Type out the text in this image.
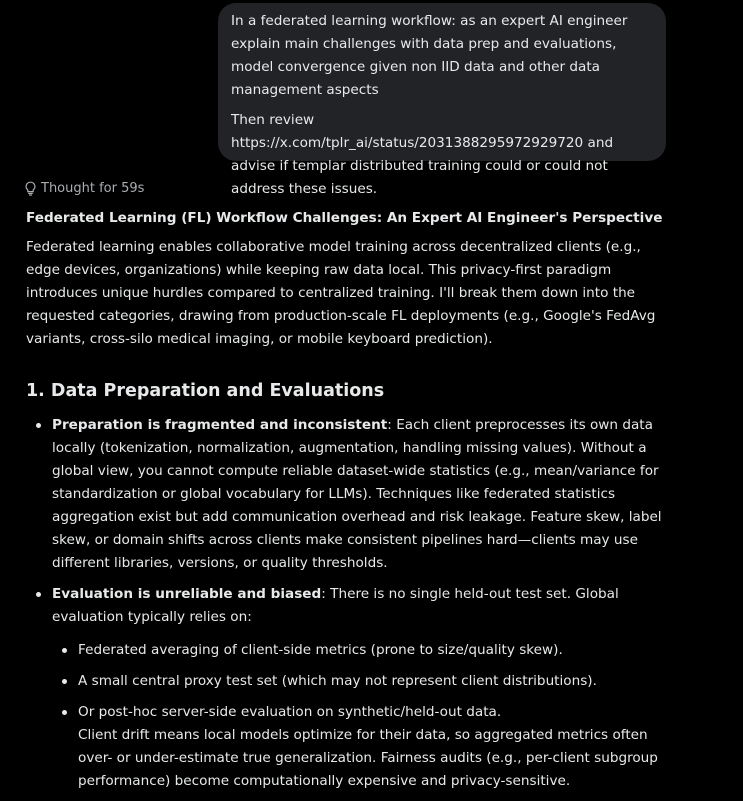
In a federated learning workflow: as an expert AI engineer explain main challenges with data prep and evaluations, model convergence given non IID data and other data management aspects

Then review https://x.com/tplr_ai/status/2031388295972929720 and advise if templar distributed training could or could not address these issues.

Thought for 59s

Federated Learning (FL) Workflow Challenges: An Expert AI Engineer's Perspective

Federated learning enables collaborative model training across decentralized clients (e.g., edge devices, organizations) while keeping raw data local. This privacy-first paradigm introduces unique hurdles compared to centralized training. I'll break them down into the requested categories, drawing from production-scale FL deployments (e.g., Google's FedAvg variants, cross-silo medical imaging, or mobile keyboard prediction).

1. Data Preparation and Evaluations
Preparation is fragmented and inconsistent: Each client preprocesses its own data locally (tokenization, normalization, augmentation, handling missing values). Without a global view, you cannot compute reliable dataset-wide statistics (e.g., mean/variance for standardization or global vocabulary for LLMs). Techniques like federated statistics aggregation exist but add communication overhead and risk leakage. Feature skew, label skew, or domain shifts across clients make consistent pipelines hard—clients may use different libraries, versions, or quality thresholds.
Evaluation is unreliable and biased: There is no single held-out test set. Global evaluation typically relies on:
Federated averaging of client-side metrics (prone to size/quality skew).
A small central proxy test set (which may not represent client distributions).
Or post-hoc server-side evaluation on synthetic/held-out data.
Client drift means local models optimize for their data, so aggregated metrics often over- or under-estimate true generalization. Fairness audits (e.g., per-client subgroup performance) become computationally expensive and privacy-sensitive.
